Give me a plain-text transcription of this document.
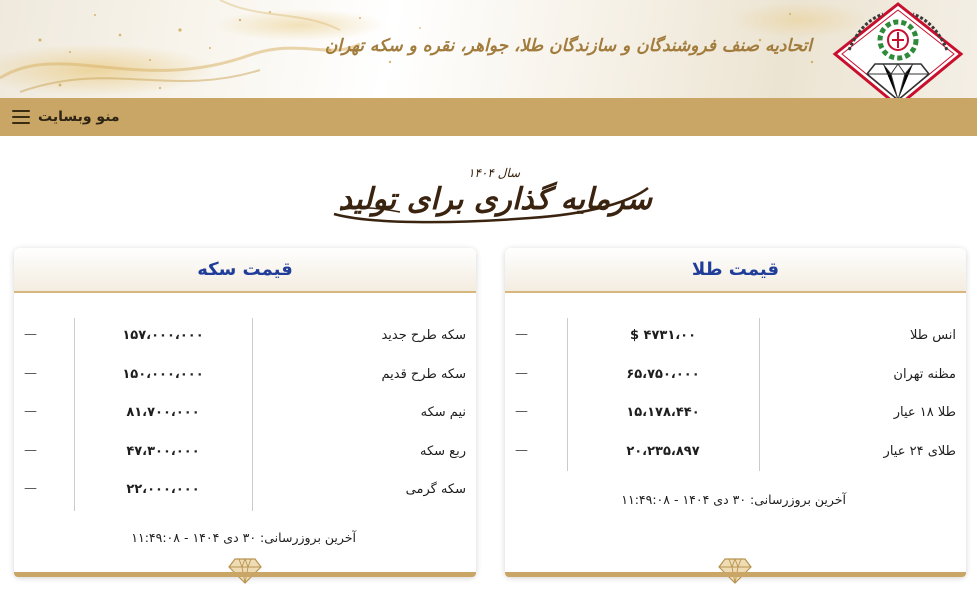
اتحادیه صنف فروشندگان و سازندگان طلا، جواهر، نقره و سکه تهران
منو وبسایت
سال ۱۴۰۴
سرمایه گذاری برای تولید
قیمت سکه
سکه طرح جدید
۱۵۷،۰۰۰،۰۰۰
—
سکه طرح قدیم
۱۵۰،۰۰۰،۰۰۰
—
نیم سکه
۸۱،۷۰۰،۰۰۰
—
ربع سکه
۴۷،۳۰۰،۰۰۰
—
سکه گرمی
۲۲،۰۰۰،۰۰۰
—
آخرین بروزرسانی: ۳۰ دی ۱۴۰۴ - ۱۱:۴۹:۰۸
قیمت طلا
انس طلا
$ ۴۷۳۱،۰۰
—
مظنه تهران
۶۵،۷۵۰،۰۰۰
—
طلا ۱۸ عیار
۱۵،۱۷۸،۴۴۰
—
طلای ۲۴ عیار
۲۰،۲۳۵،۸۹۷
—
آخرین بروزرسانی: ۳۰ دی ۱۴۰۴ - ۱۱:۴۹:۰۸
